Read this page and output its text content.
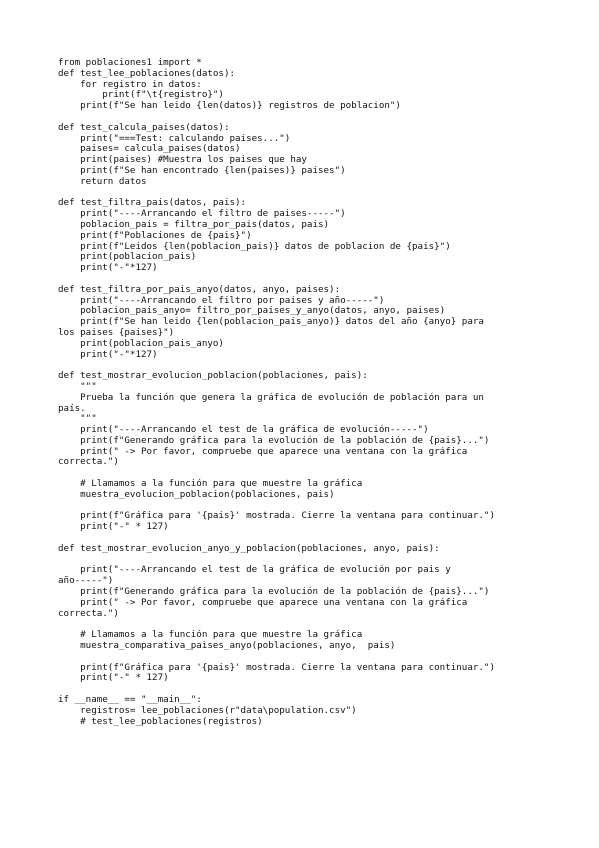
from poblaciones1 import *
def test_lee_poblaciones(datos):
for registro in datos:
print(f"\t{registro}")
print(f"Se han leido {len(datos)} registros de poblacion")
def test_calcula_paises(datos):
print("===Test: calculando paises...")
paises= calcula_paises(datos)
print(paises) #Muestra los paises que hay
print(f"Se han encontrado {len(paises)} paises")
return datos
def test_filtra_pais(datos, pais):
print("----Arrancando el filtro de paises-----")
poblacion_pais = filtra_por_pais(datos, pais)
print(f"Poblaciones de {pais}")
print(f"Leidos {len(poblacion_pais)} datos de poblacion de {pais}")
print(poblacion_pais)
print("-"*127)
def test_filtra_por_pais_anyo(datos, anyo, paises):
print("----Arrancando el filtro por paises y año-----")
poblacion_pais_anyo= filtro_por_paises_y_anyo(datos, anyo, paises)
print(f"Se han leido {len(poblacion_pais_anyo)} datos del año {anyo} para
los paises {paises}")
print(poblacion_pais_anyo)
print("-"*127)
def test_mostrar_evolucion_poblacion(poblaciones, pais):
"""
Prueba la función que genera la gráfica de evolución de población para un
país.
"""
print("----Arrancando el test de la gráfica de evolución-----")
print(f"Generando gráfica para la evolución de la población de {pais}...")
print(" -> Por favor, compruebe que aparece una ventana con la gráfica
correcta.")
# Llamamos a la función para que muestre la gráfica
muestra_evolucion_poblacion(poblaciones, pais)
print(f"Gráfica para '{pais}' mostrada. Cierre la ventana para continuar.")
print("-" * 127)
def test_mostrar_evolucion_anyo_y_poblacion(poblaciones, anyo, pais):
print("----Arrancando el test de la gráfica de evolución por pais y
año-----")
print(f"Generando gráfica para la evolución de la población de {pais}...")
print(" -> Por favor, compruebe que aparece una ventana con la gráfica
correcta.")
# Llamamos a la función para que muestre la gráfica
muestra_comparativa_paises_anyo(poblaciones, anyo,  pais)
print(f"Gráfica para '{pais}' mostrada. Cierre la ventana para continuar.")
print("-" * 127)
if __name__ == "__main__":
registros= lee_poblaciones(r"data\population.csv")
# test_lee_poblaciones(registros)
